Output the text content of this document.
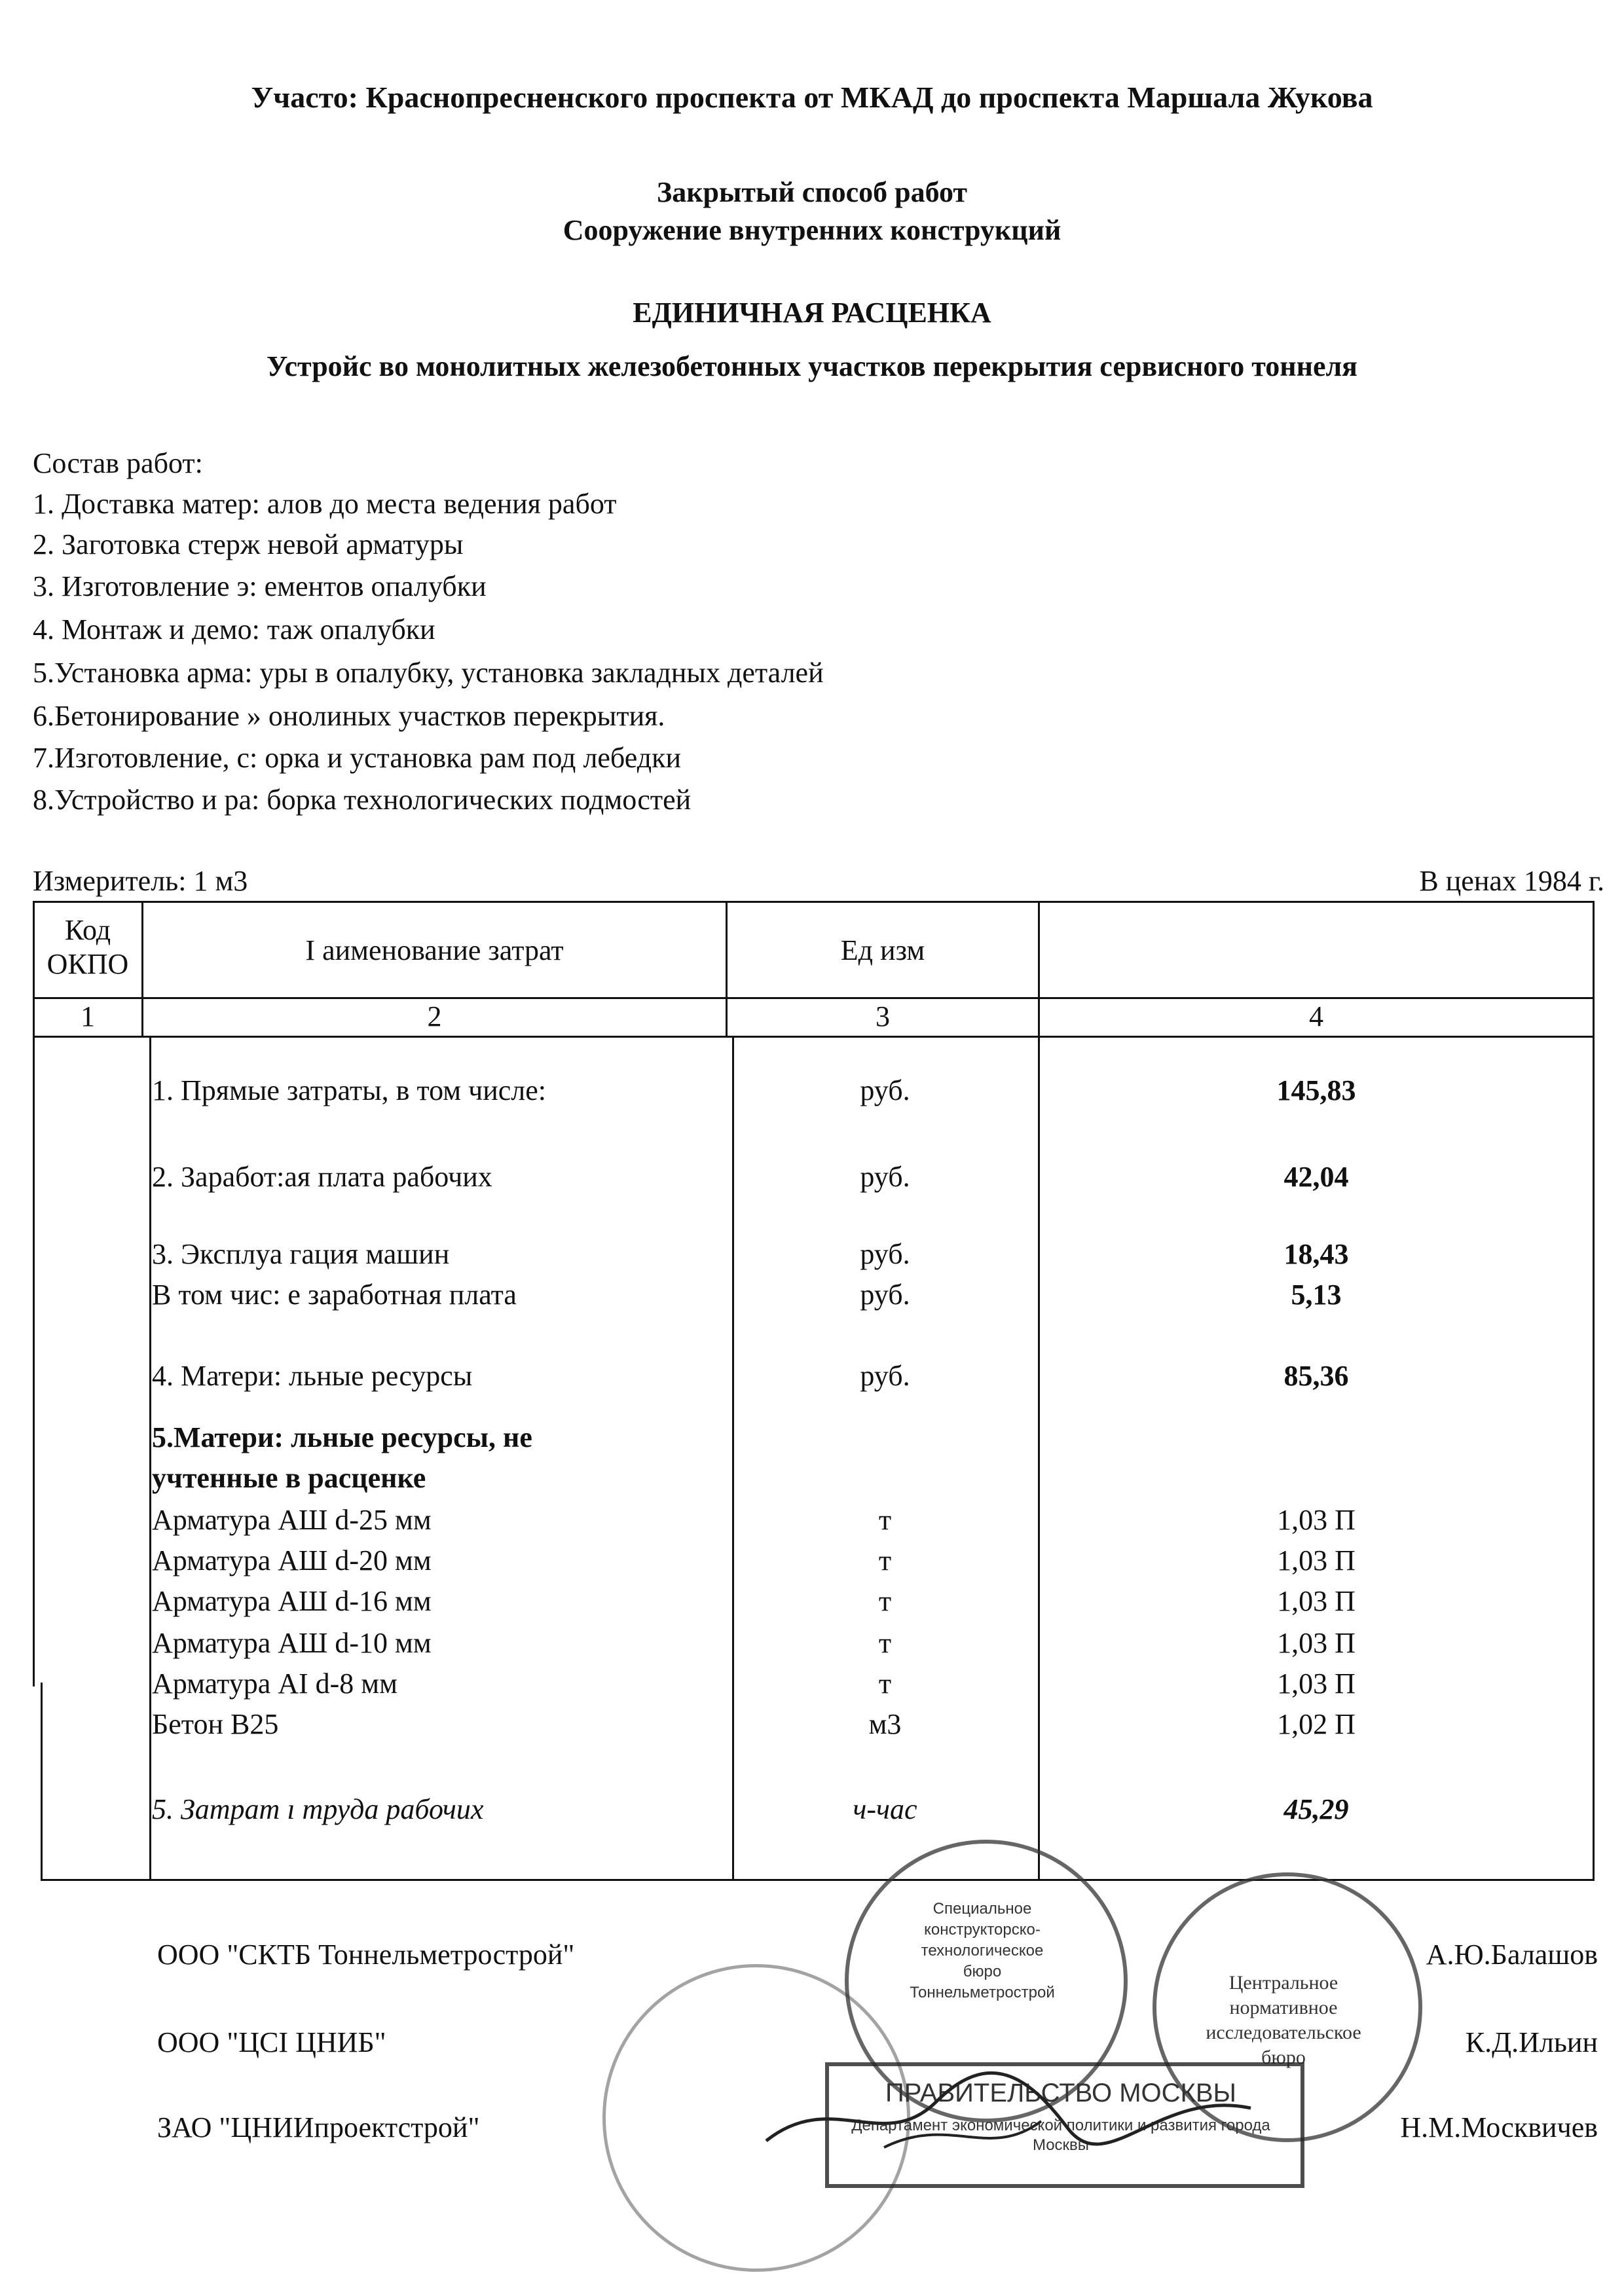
Участо: Краснопресненского проспекта от МКАД до проспекта Маршала Жукова
Закрытый способ работ
Сооружение внутренних конструкций
ЕДИНИЧНАЯ РАСЦЕНКА
Устройс во монолитных железобетонных участков перекрытия сервисного тоннеля
Состав работ:
1. Доставка матер: алов до места ведения работ
2. Заготовка стерж невой арматуры
3. Изготовление э: ементов опалубки
4. Монтаж и демо: таж опалубки
5.Установка арма: уры в опалубку, установка закладных деталей
6.Бетонирование » онолиных участков перекрытия.
7.Изготовление, с: орка и установка рам под лебедки
8.Устройство и ра: борка технологических подмостей
Измеритель: 1 м3	В ценах 1984 г.
Код ОКПО	І аименование затрат	Ед изм
1	2	3	4
1. Прямые затраты, в том числе:	руб.	145,83
2. Заработ:ая плата рабочих	руб.	42,04
3. Эксплуа гация машин	руб.	18,43
В том чис: е заработная плата	руб.	5,13
4. Матери: льные ресурсы	руб.	85,36
5.Матери: льные ресурсы, не
учтенные в расценке
Арматура АШ d-25 мм	т	1,03 П
Арматура АШ d-20 мм	т	1,03 П
Арматура АШ d-16 мм	т	1,03 П
Арматура АШ d-10 мм	т	1,03 П
Арматура АI d-8 мм	т	1,03 П
Бетон В25	м3	1,02 П
5. Затрат ı труда рабочих	ч-час	45,29
Специальное конструкторско-технологическое бюро Тоннельметрострой	Центральное нормативное исследовательское бюро
ПРАВИТЕЛЬСТВО МОСКВЫ
Департамент экономической политики и развития города Москвы
ООО "СКТБ Тоннельметрострой"	А.Ю.Балашов
ООО "ЦСІ ЦНИБ"	К.Д.Ильин
ЗАО "ЦНИИпроектстрой"	Н.М.Москвичев
